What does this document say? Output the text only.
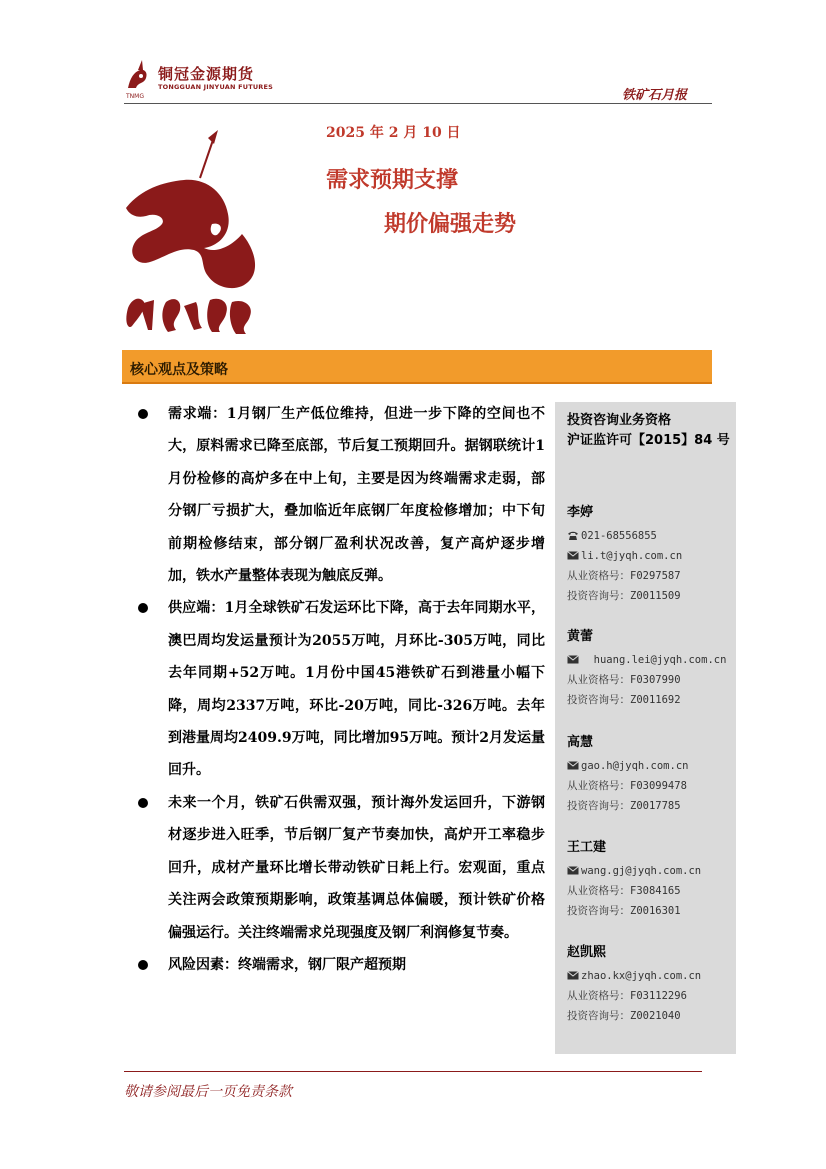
铜冠金源期货
TONGGUAN JINYUAN FUTURES
TNMG	铁矿石月报
2025 年 2 月 10 日
需求预期支撑
期价偏强走势
核心观点及策略
需求端：1月钢厂生产低位维持，但进一步下降的空间也不大，原料需求已降至底部，节后复工预期回升。据钢联统计1月份检修的高炉多在中上旬，主要是因为终端需求走弱，部分钢厂亏损扩大，叠加临近年底钢厂年度检修增加；中下旬前期检修结束，部分钢厂盈利状况改善，复产高炉逐步增加，铁水产量整体表现为触底反弹。
供应端：1月全球铁矿石发运环比下降，高于去年同期水平，澳巴周均发运量预计为2055万吨，月环比-305万吨，同比去年同期+52万吨。1月份中国45港铁矿石到港量小幅下降，周均2337万吨，环比-20万吨，同比-326万吨。去年到港量周均2409.9万吨，同比增加95万吨。预计2月发运量回升。
未来一个月，铁矿石供需双强，预计海外发运回升，下游钢材逐步进入旺季，节后钢厂复产节奏加快，高炉开工率稳步回升，成材产量环比增长带动铁矿日耗上行。宏观面，重点关注两会政策预期影响，政策基调总体偏暖，预计铁矿价格偏强运行。关注终端需求兑现强度及钢厂利润修复节奏。
风险因素：终端需求，钢厂限产超预期
投资咨询业务资格
沪证监许可【2015】84 号
李婷
021-68556855
li.t@jyqh.com.cn
从业资格号：F0297587
投资咨询号：Z0011509
黄蕾
huang.lei@jyqh.com.cn
从业资格号：F0307990
投资咨询号：Z0011692
高慧
gao.h@jyqh.com.cn
从业资格号：F03099478
投资咨询号：Z0017785
王工建
wang.gj@jyqh.com.cn
从业资格号：F3084165
投资咨询号：Z0016301
赵凯熙
zhao.kx@jyqh.com.cn
从业资格号：F03112296
投资咨询号：Z0021040
敬请参阅最后一页免责条款
